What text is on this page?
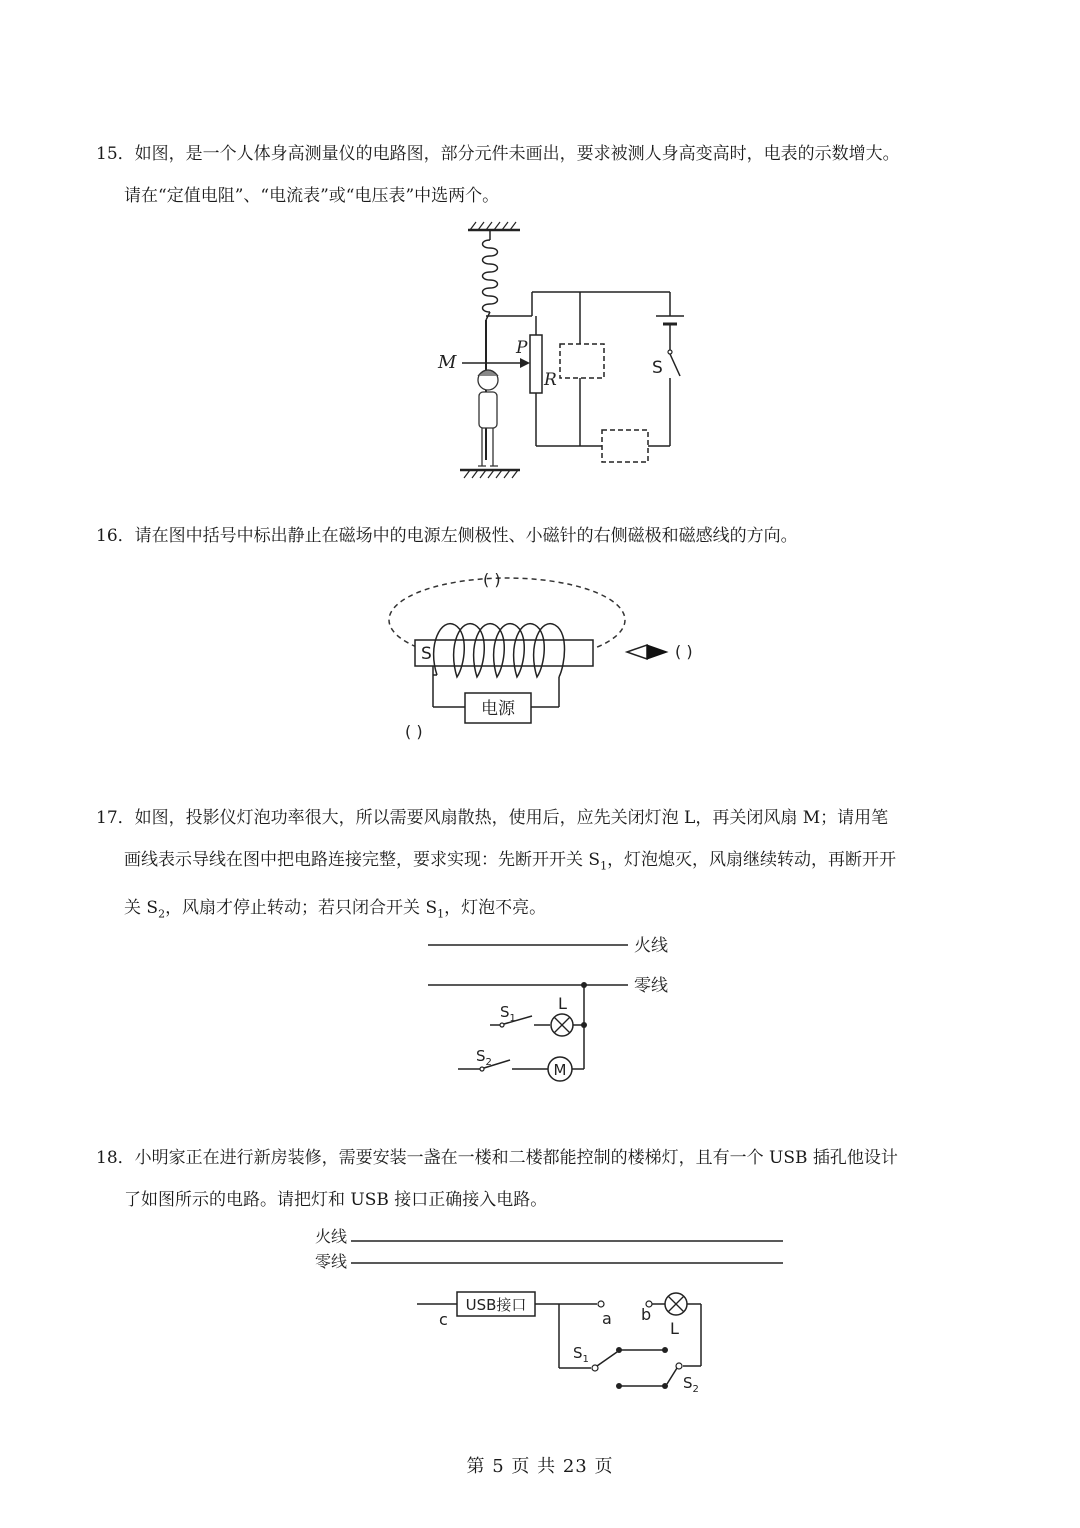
15．如图，是一个人体身高测量仪的电路图，部分元件未画出，要求被测人身高变高时，电表的示数增大。

请在“定值电阻”、“电流表”或“电压表”中选两个。

S
P
R
M

16．请在图中括号中标出静止在磁场中的电源左侧极性、小磁针的右侧磁极和磁感线的方向。

( )
S
电源
( )
( )

17．如图，投影仪灯泡功率很大，所以需要风扇散热，使用后，应先关闭灯泡 L，再关闭风扇 M；请用笔

画线表示导线在图中把电路连接完整，要求实现：先断开开关 $S_1$，灯泡熄灭，风扇继续转动，再断开开

关 $S_2$，风扇才停止转动；若只闭合开关 $S_1$，灯泡不亮。

火线
零线
$S_1$
L
$S_2$	M

18．小明家正在进行新房装修，需要安装一盏在一楼和二楼都能控制的楼梯灯，且有一个 USB 插孔他设计

了如图所示的电路。请把灯和 USB 接口正确接入电路。

火线
零线
c
USB接口
a b
L
$S_1$
$S_2$
第 5 页 共 23 页
